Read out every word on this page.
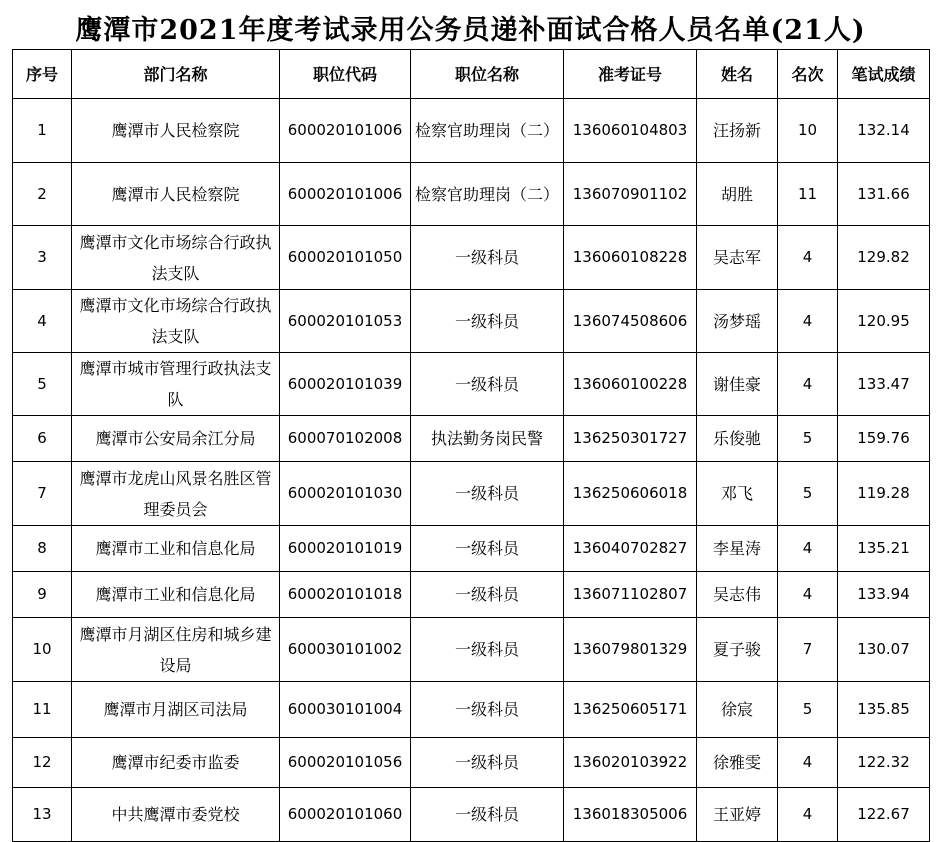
鹰潭市2021年度考试录用公务员递补面试合格人员名单(21人)
序号	部门名称	职位代码	职位名称	准考证号	姓名	名次	笔试成绩
1	鹰潭市人民检察院	600020101006	检察官助理岗（二）	136060104803	汪扬新	10	132.14
2	鹰潭市人民检察院	600020101006	检察官助理岗（二）	136070901102	胡胜	11	131.66
3	鹰潭市文化市场综合行政执法支队	600020101050	一级科员	136060108228	吴志军	4	129.82
4	鹰潭市文化市场综合行政执法支队	600020101053	一级科员	136074508606	汤梦瑶	4	120.95
5	鹰潭市城市管理行政执法支队	600020101039	一级科员	136060100228	谢佳豪	4	133.47
6	鹰潭市公安局余江分局	600070102008	执法勤务岗民警	136250301727	乐俊驰	5	159.76
7	鹰潭市龙虎山风景名胜区管理委员会	600020101030	一级科员	136250606018	邓飞	5	119.28
8	鹰潭市工业和信息化局	600020101019	一级科员	136040702827	李星涛	4	135.21
9	鹰潭市工业和信息化局	600020101018	一级科员	136071102807	吴志伟	4	133.94
10	鹰潭市月湖区住房和城乡建设局	600030101002	一级科员	136079801329	夏子骏	7	130.07
11	鹰潭市月湖区司法局	600030101004	一级科员	136250605171	徐宸	5	135.85
12	鹰潭市纪委市监委	600020101056	一级科员	136020103922	徐雅雯	4	122.32
13	中共鹰潭市委党校	600020101060	一级科员	136018305006	王亚婷	4	122.67
